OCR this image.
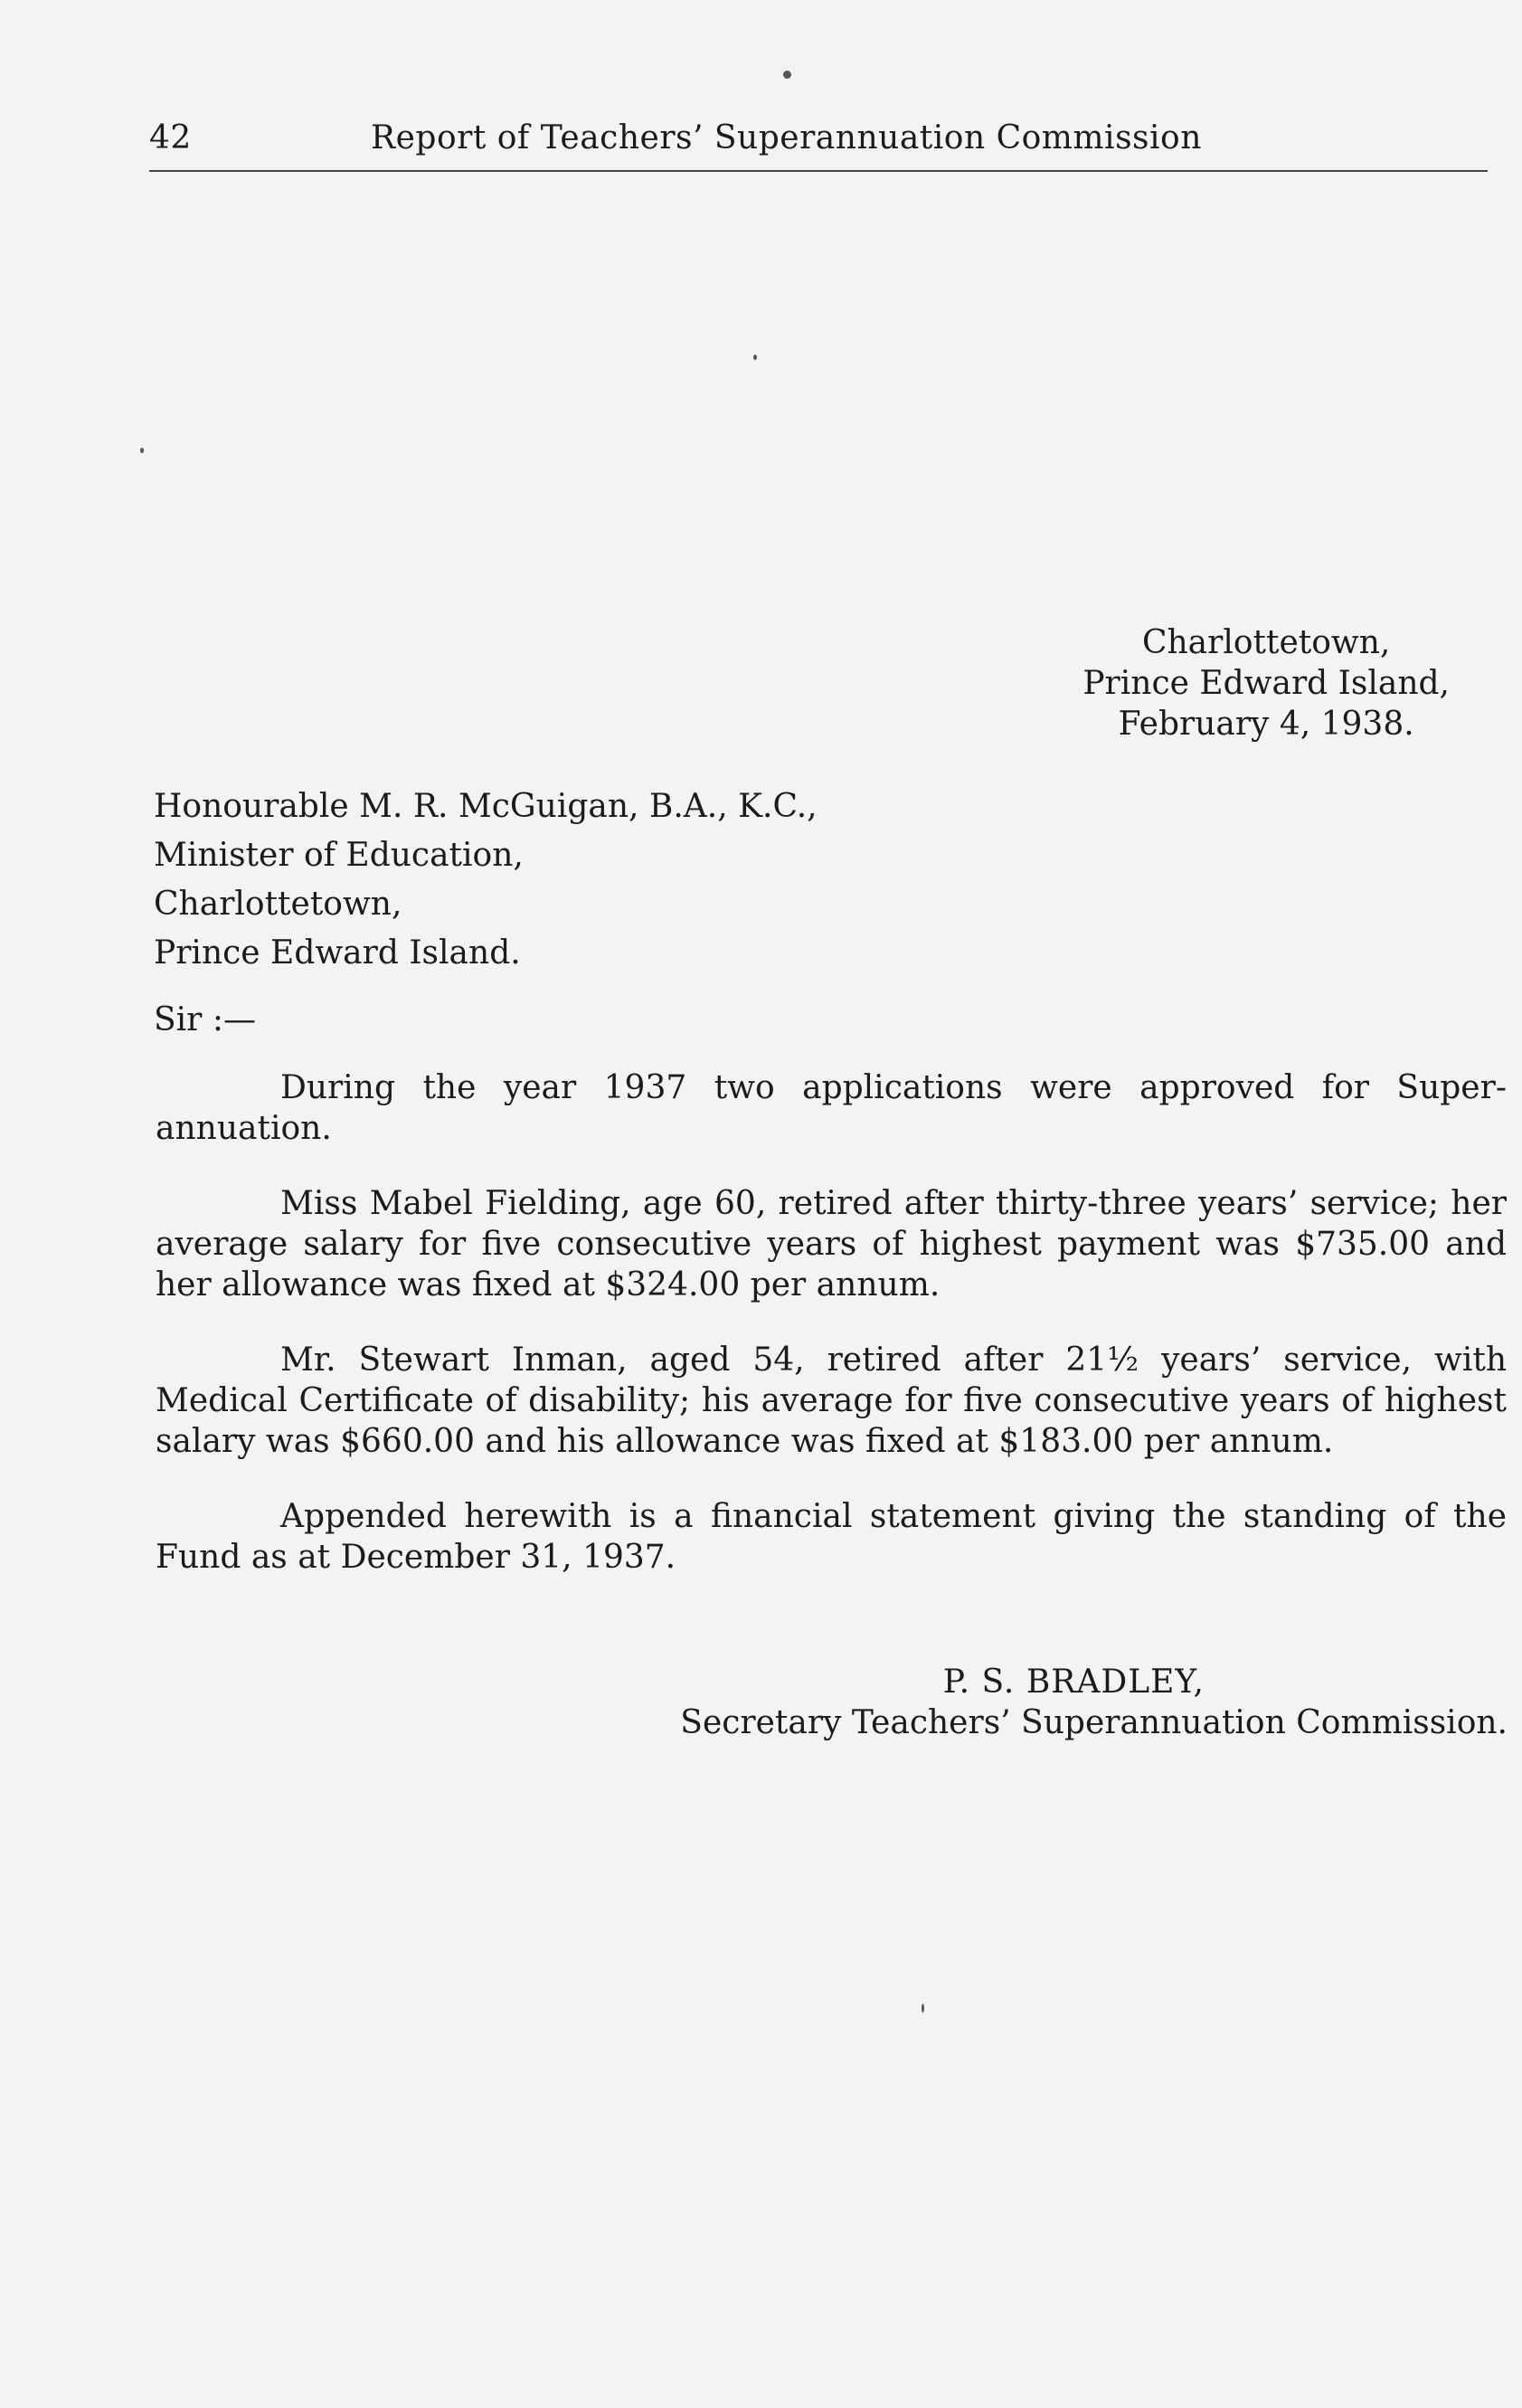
42	Report of Teachers’ Superannuation Commission
Charlottetown,
Prince Edward Island,
February 4, 1938.
Honourable M. R. McGuigan, B.A., K.C.,
Minister of Education,
Charlottetown,
Prince Edward Island.
Sir :—

During the year 1937 two applications were approved for Superannuation.

Miss Mabel Fielding, age 60, retired after thirty-three years’ service; her average salary for five consecutive years of highest payment was $735.00 and her allowance was fixed at $324.00 per annum.

Mr. Stewart Inman, aged 54, retired after 21½ years’ service, with Medical Certificate of disability; his average for five consecutive years of highest salary was $660.00 and his allowance was fixed at $183.00 per annum.

Appended herewith is a financial statement giving the standing of the Fund as at December 31, 1937.

P. S. BRADLEY,
Secretary Teachers’ Superannuation Commission.
